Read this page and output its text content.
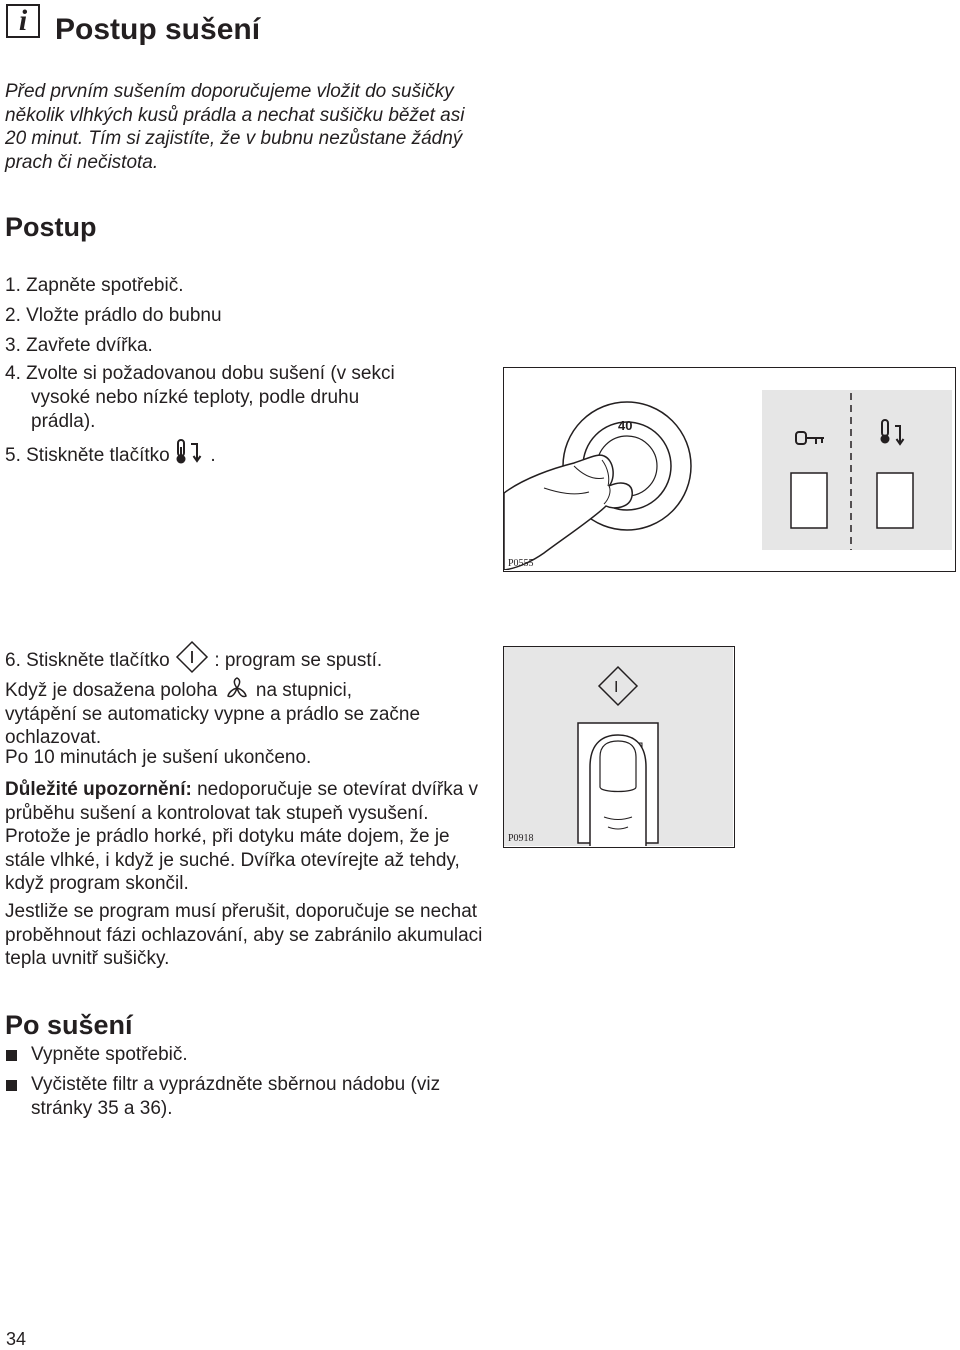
i Postup sušení
Před prvním sušením doporučujeme vložit do sušičky několik vlhkých kusů prádla a nechat sušičku běžet asi 20 minut. Tím si zajistíte, že v bubnu nezůstane žádný prach či nečistota.
Postup
1. Zapněte spotřebič.
2. Vložte prádlo do bubnu
3. Zavřete dvířka.
4. Zvolte si požadovanou dobu sušení (v sekci
vysoké nebo nízké teploty, podle druhu
prádla).
5. Stiskněte tlačítko .
40
P0555
6. Stiskněte tlačítko : program se spustí.
Když je dosažena poloha na stupnici,
vytápění se automaticky vypne a prádlo se začne ochlazovat.
Po 10 minutách je sušení ukončeno.
Důležité upozornění: nedoporučuje se otevírat dvířka v průběhu sušení a kontrolovat tak stupeň vysušení. Protože je prádlo horké, při dotyku máte dojem, že je stále vlhké, i když je suché. Dvířka otevírejte až tehdy, když program skončil.
Jestliže se program musí přerušit, doporučuje se nechat proběhnout fázi ochlazování, aby se zabránilo akumulaci tepla uvnitř sušičky.
I
P0918
Po sušení
Vypněte spotřebič.
Vyčistěte filtr a vyprázdněte sběrnou nádobu (viz stránky 35 a 36).
34
